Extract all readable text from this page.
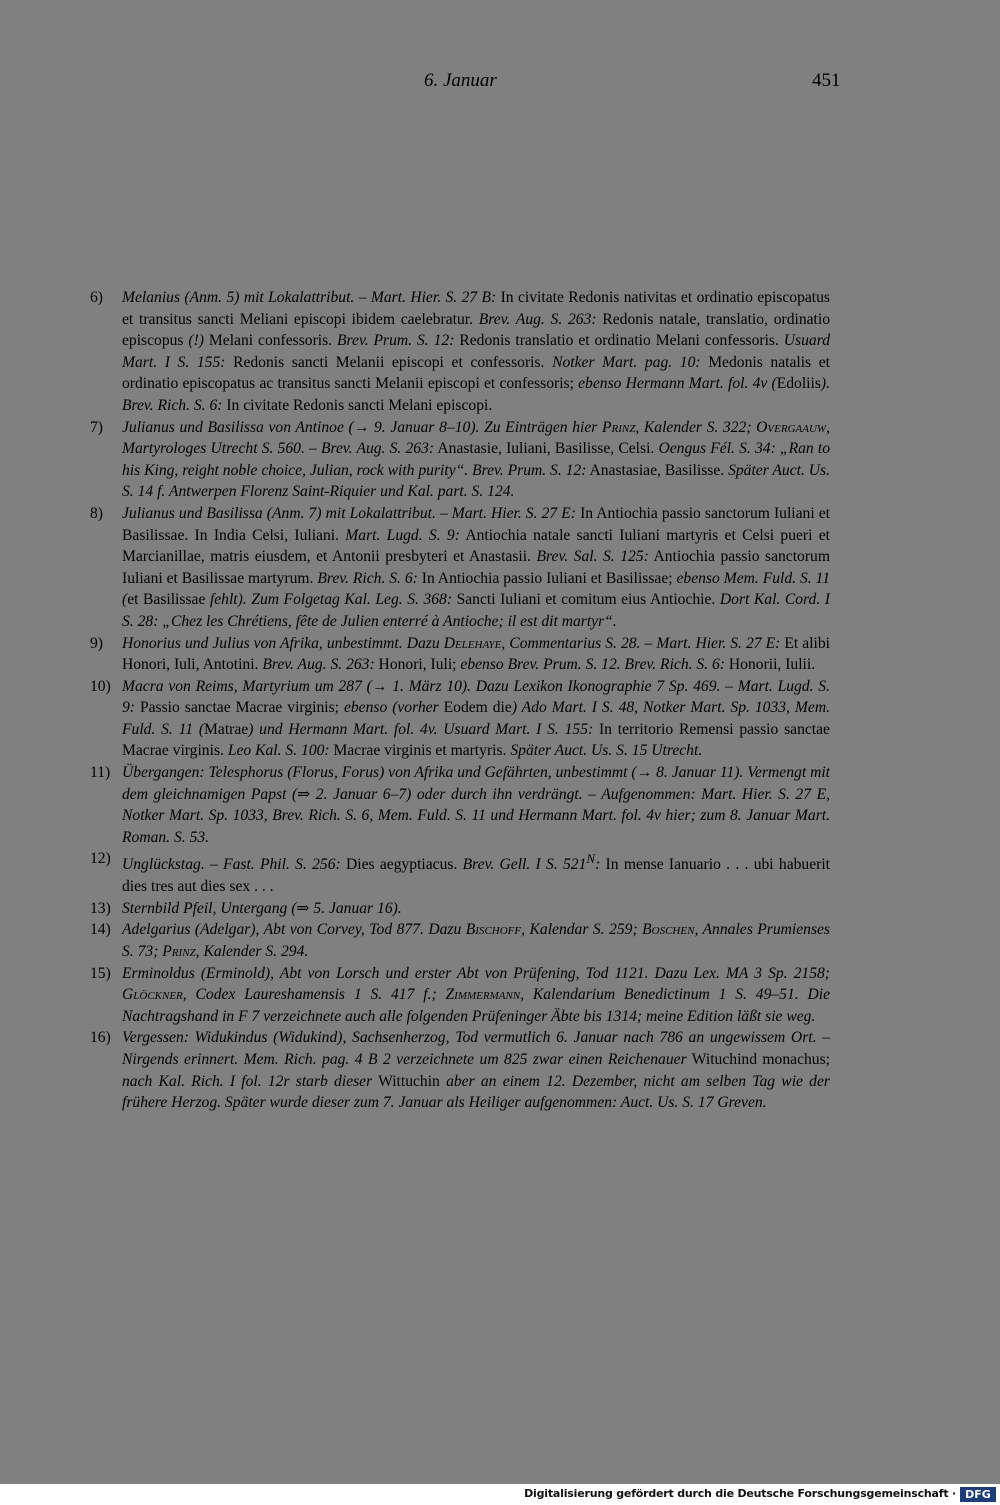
6. Januar	451
6) Melanius (Anm. 5) mit Lokalattribut. – Mart. Hier. S. 27 B: In civitate Redonis nativitas et ordinatio episcopatus et transitus sancti Meliani episcopi ibidem caelebratur. Brev. Aug. S. 263: Redonis natale, translatio, ordinatio episcopus (!) Melani confessoris. Brev. Prum. S. 12: Redonis translatio et ordinatio Melani confessoris. Usuard Mart. I S. 155: Redonis sancti Melanii episcopi et confessoris. Notker Mart. pag. 10: Medonis natalis et ordinatio episcopatus ac transitus sancti Melanii episcopi et confessoris; ebenso Hermann Mart. fol. 4v (Edoliis). Brev. Rich. S. 6: In civitate Redonis sancti Melani episcopi.
7) Julianus und Basilissa von Antinoe (→ 9. Januar 8–10). Zu Einträgen hier Prinz, Kalender S. 322; Overgaauw, Martyrologes Utrecht S. 560. – Brev. Aug. S. 263: Anastasie, Iuliani, Basilisse, Celsi. Oengus Fél. S. 34: „Ran to his King, reight noble choice, Julian, rock with purity“. Brev. Prum. S. 12: Anastasiae, Basilisse. Später Auct. Us. S. 14 f. Antwerpen Florenz Saint-Riquier und Kal. part. S. 124.
8) Julianus und Basilissa (Anm. 7) mit Lokalattribut. – Mart. Hier. S. 27 E: In Antiochia passio sanctorum Iuliani et Basilissae. In India Celsi, Iuliani. Mart. Lugd. S. 9: Antiochia natale sancti Iuliani martyris et Celsi pueri et Marcianillae, matris eiusdem, et Antonii presbyteri et Anastasii. Brev. Sal. S. 125: Antiochia passio sanctorum Iuliani et Basilissae martyrum. Brev. Rich. S. 6: In Antiochia passio Iuliani et Basilissae; ebenso Mem. Fuld. S. 11 (et Basilissae fehlt). Zum Folgetag Kal. Leg. S. 368: Sancti Iuliani et comitum eius Antiochie. Dort Kal. Cord. I S. 28: „Chez les Chrétiens, fête de Julien enterré à Antioche; il est dit martyr“.
9) Honorius und Julius von Afrika, unbestimmt. Dazu Delehaye, Commentarius S. 28. – Mart. Hier. S. 27 E: Et alibi Honori, Iuli, Antotini. Brev. Aug. S. 263: Honori, Iuli; ebenso Brev. Prum. S. 12. Brev. Rich. S. 6: Honorii, Iulii.
10) Macra von Reims, Martyrium um 287 (→ 1. März 10). Dazu Lexikon Ikonographie 7 Sp. 469. – Mart. Lugd. S. 9: Passio sanctae Macrae virginis; ebenso (vorher Eodem die) Ado Mart. I S. 48, Notker Mart. Sp. 1033, Mem. Fuld. S. 11 (Matrae) und Hermann Mart. fol. 4v. Usuard Mart. I S. 155: In territorio Remensi passio sanctae Macrae virginis. Leo Kal. S. 100: Macrae virginis et martyris. Später Auct. Us. S. 15 Utrecht.
11) Übergangen: Telesphorus (Florus, Forus) von Afrika und Gefährten, unbestimmt (→ 8. Januar 11). Vermengt mit dem gleichnamigen Papst (⇒ 2. Januar 6–7) oder durch ihn verdrängt. – Aufgenommen: Mart. Hier. S. 27 E, Notker Mart. Sp. 1033, Brev. Rich. S. 6, Mem. Fuld. S. 11 und Hermann Mart. fol. 4v hier; zum 8. Januar Mart. Roman. S. 53.
12) Unglückstag. – Fast. Phil. S. 256: Dies aegyptiacus. Brev. Gell. I S. $521^N$: In mense Ianuario . . . ubi habuerit dies tres aut dies sex . . .
13) Sternbild Pfeil, Untergang (⇒ 5. Januar 16).
14) Adelgarius (Adelgar), Abt von Corvey, Tod 877. Dazu Bischoff, Kalendar S. 259; Boschen, Annales Prumienses S. 73; Prinz, Kalender S. 294.
15) Erminoldus (Erminold), Abt von Lorsch und erster Abt von Prüfening, Tod 1121. Dazu Lex. MA 3 Sp. 2158; Glöckner, Codex Laureshamensis 1 S. 417 f.; Zimmermann, Kalendarium Benedictinum 1 S. 49–51. Die Nachtragshand in F 7 verzeichnete auch alle folgenden Prüfeninger Äbte bis 1314; meine Edition läßt sie weg.
16) Vergessen: Widukindus (Widukind), Sachsenherzog, Tod vermutlich 6. Januar nach 786 an ungewissem Ort. – Nirgends erinnert. Mem. Rich. pag. 4 B 2 verzeichnete um 825 zwar einen Reichenauer Wituchind monachus; nach Kal. Rich. I fol. 12r starb dieser Wittuchin aber an einem 12. Dezember, nicht am selben Tag wie der frühere Herzog. Später wurde dieser zum 7. Januar als Heiliger aufgenommen: Auct. Us. S. 17 Greven.
Digitalisierung gefördert durch die Deutsche Forschungsgemeinschaft · DFG
